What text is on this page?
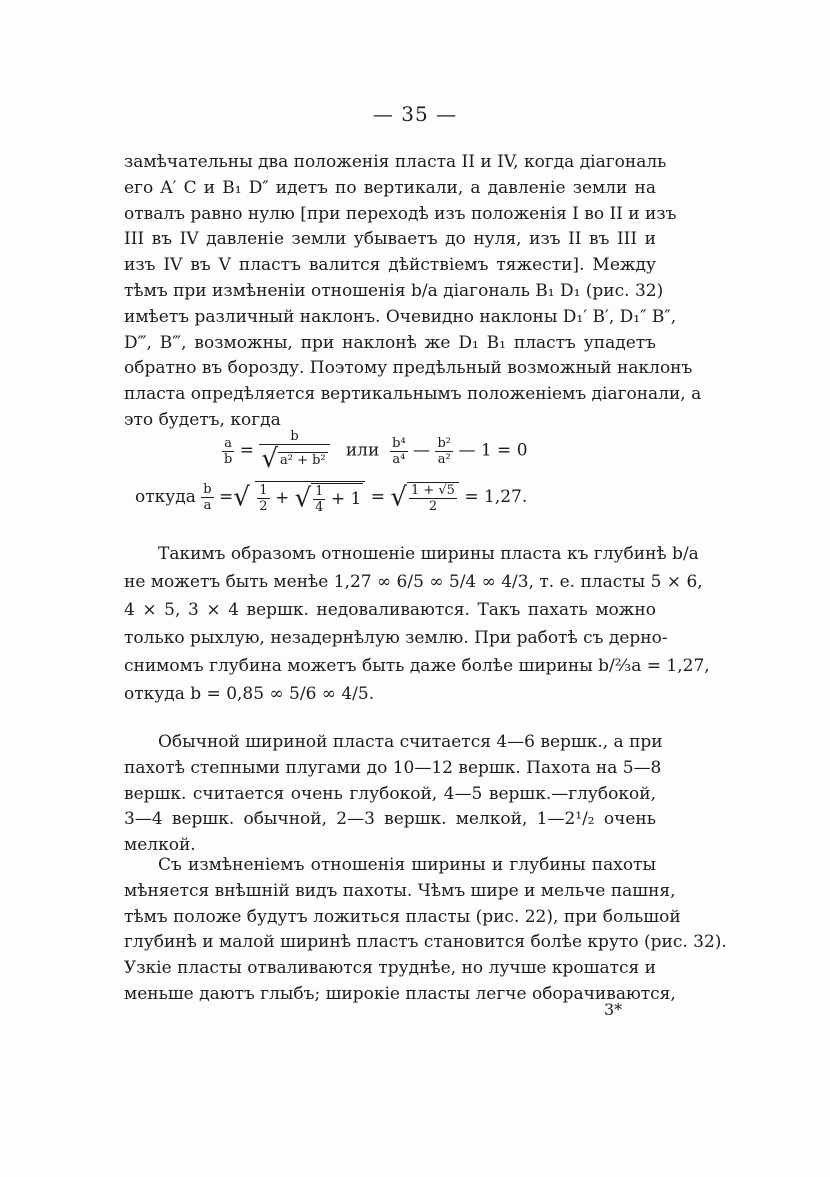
— 35 —
замѣчательны два положенія пласта II и IV, когда діагональ
его A′ C и B₁ D″ идетъ по вертикали, а давленіе земли на
отвалъ равно нулю [при переходѣ изъ положенія I во II и изъ
III въ IV давленіе земли убываетъ до нуля, изъ II въ III и
изъ IV въ V пластъ валится дѣйствіемъ тяжести]. Между
тѣмъ при измѣненіи отношенія b/a діагональ B₁ D₁ (рис. 32)
имѣетъ различный наклонъ. Очевидно наклоны D₁′ B′, D₁″ B″,
D‴, B‴, возможны, при наклонѣ же D₁ B₁ пластъ упадетъ
обратно въ борозду. Поэтому предѣльный возможный наклонъ
пласта опредѣляется вертикальнымъ положеніемъ діагонали, а
это будетъ, когда
$\frac{a}{b} = \frac{b}{\text{√ a² + b²}}$ или $\frac{\text{b⁴}}{\text{a⁴}}$ — $\frac{\text{b²}}{\text{a²}}$ — 1 = 0
откуда $\frac{b}{a}$ =√ $\frac{1}{2}$ + √ $\frac{1}{4} + 1$ = √ $\frac{1 + √5}{2} = 1,27$.
Такимъ образомъ отношеніе ширины пласта къ глубинѣ b/a
не можетъ быть менѣе 1,27 ∞ 6/5 ∞ 5/4 ∞ 4/3, т. е. пласты 5 × 6,
4 × 5, 3 × 4 вершк. недоваливаются. Такъ пахать можно
только рыхлую, незадернѣлую землю. При работѣ съ дерно-
снимомъ глубина можетъ быть даже болѣе ширины b/²⁄₃a = 1,27,
откуда b = 0,85 ∞ 5/6 ∞ 4/5.
Обычной шириной пласта считается 4—6 вершк., а при
пахотѣ степными плугами до 10—12 вершк. Пахота на 5—8
вершк. считается очень глубокой, 4—5 вершк.—глубокой,
3—4 вершк. обычной, 2—3 вершк. мелкой, 1—2¹/₂ очень
мелкой.
Съ измѣненіемъ отношенія ширины и глубины пахоты
мѣняется внѣшній видъ пахоты. Чѣмъ шире и мельче пашня,
тѣмъ положе будутъ ложиться пласты (рис. 22), при большой
глубинѣ и малой ширинѣ пластъ становится болѣе круто (рис. 32).
Узкіе пласты отваливаются труднѣе, но лучше крошатся и
меньше даютъ глыбъ; широкіе пласты легче оборачиваются,
3*
